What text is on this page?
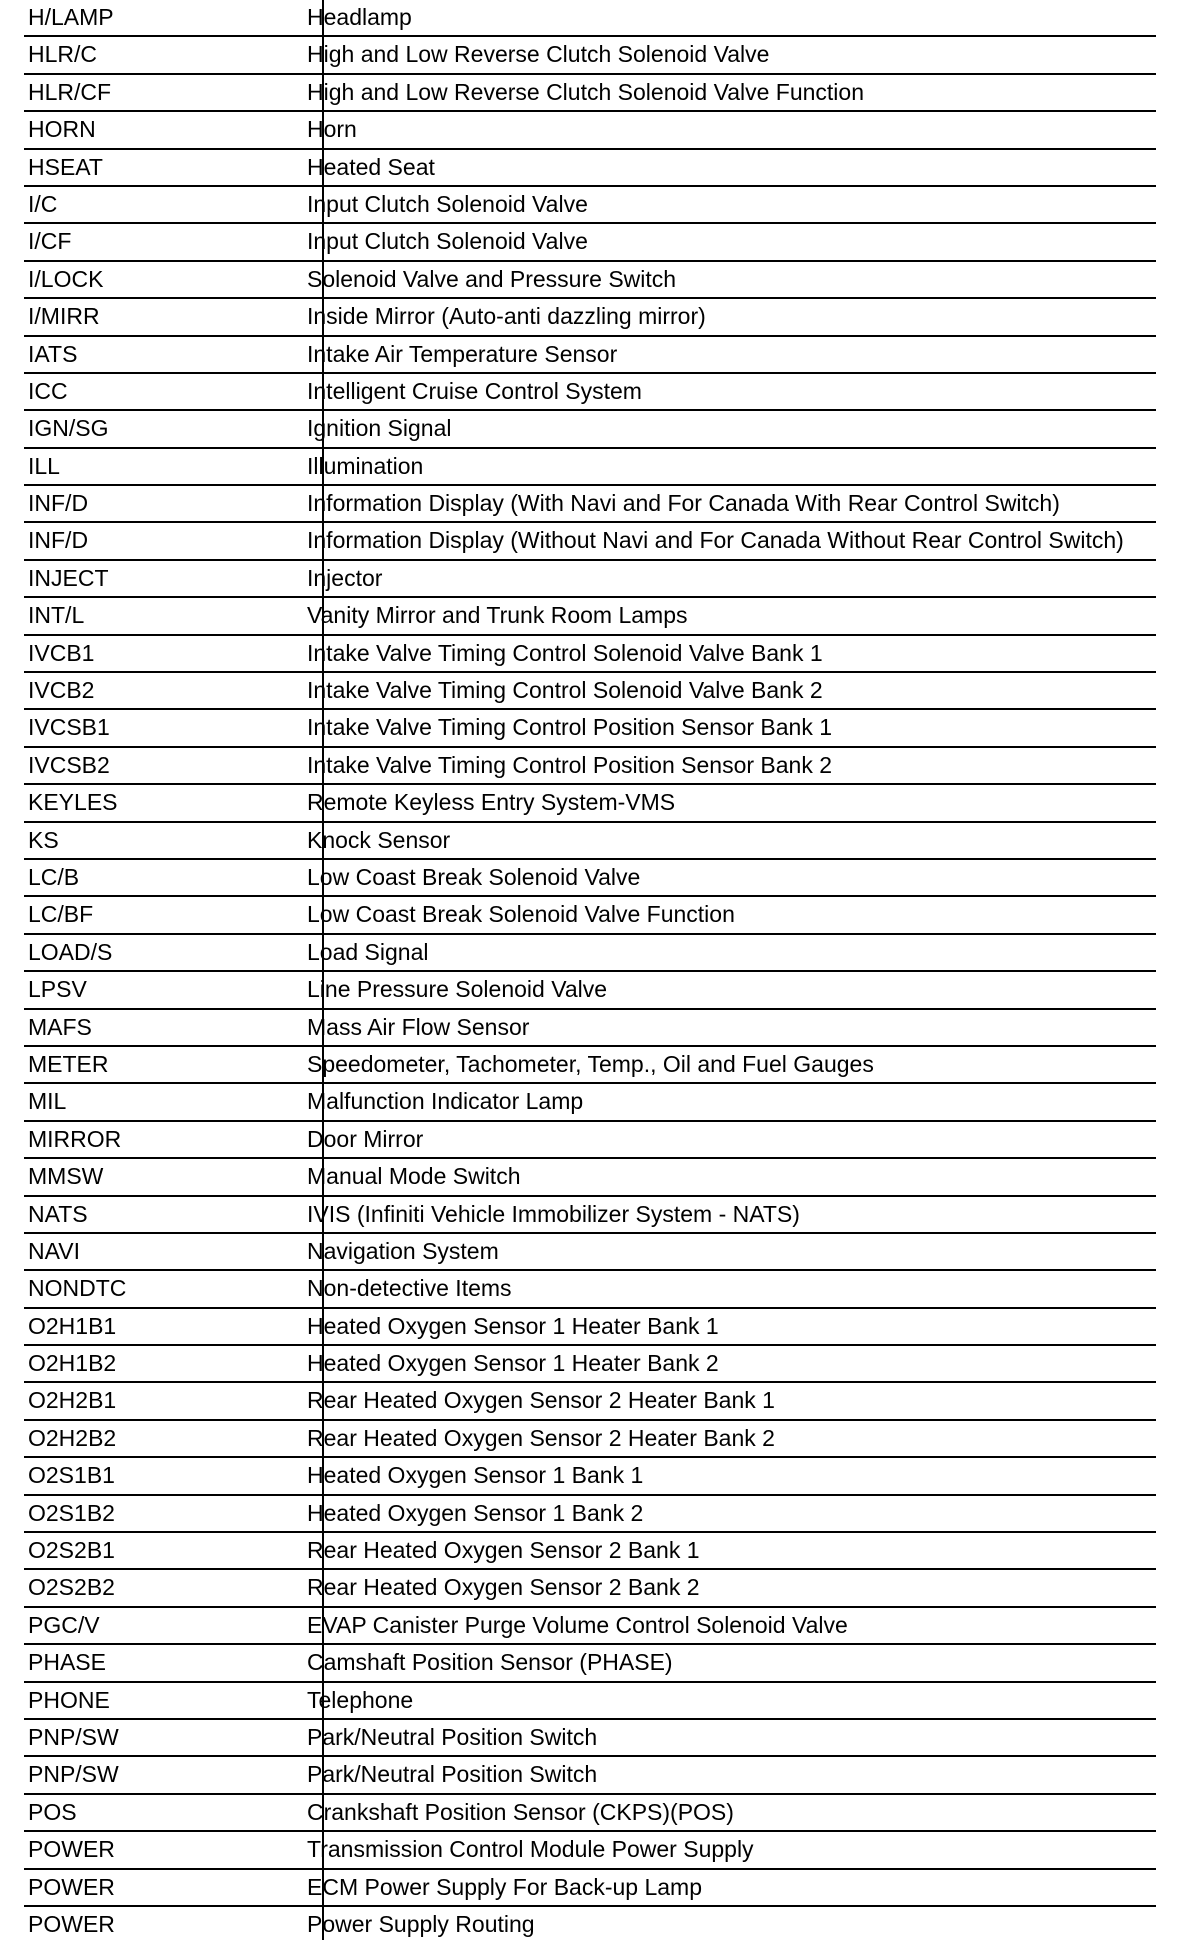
H/LAMP	Headlamp
HLR/C	High and Low Reverse Clutch Solenoid Valve
HLR/CF	High and Low Reverse Clutch Solenoid Valve Function
HORN	Horn
HSEAT	Heated Seat
I/C	Input Clutch Solenoid Valve
I/CF	Input Clutch Solenoid Valve
I/LOCK	Solenoid Valve and Pressure Switch
I/MIRR	Inside Mirror (Auto-anti dazzling mirror)
IATS	Intake Air Temperature Sensor
ICC	Intelligent Cruise Control System
IGN/SG	Ignition Signal
ILL	Illumination
INF/D	Information Display (With Navi and For Canada With Rear Control Switch)
INF/D	Information Display (Without Navi and For Canada Without Rear Control Switch)
INJECT	Injector
INT/L	Vanity Mirror and Trunk Room Lamps
IVCB1	Intake Valve Timing Control Solenoid Valve Bank 1
IVCB2	Intake Valve Timing Control Solenoid Valve Bank 2
IVCSB1	Intake Valve Timing Control Position Sensor Bank 1
IVCSB2	Intake Valve Timing Control Position Sensor Bank 2
KEYLES	Remote Keyless Entry System-VMS
KS	Knock Sensor
LC/B	Low Coast Break Solenoid Valve
LC/BF	Low Coast Break Solenoid Valve Function
LOAD/S	Load Signal
LPSV	Line Pressure Solenoid Valve
MAFS	Mass Air Flow Sensor
METER	Speedometer, Tachometer, Temp., Oil and Fuel Gauges
MIL	Malfunction Indicator Lamp
MIRROR	Door Mirror
MMSW	Manual Mode Switch
NATS	IVIS (Infiniti Vehicle Immobilizer System - NATS)
NAVI	Navigation System
NONDTC	Non-detective Items
O2H1B1	Heated Oxygen Sensor 1 Heater Bank 1
O2H1B2	Heated Oxygen Sensor 1 Heater Bank 2
O2H2B1	Rear Heated Oxygen Sensor 2 Heater Bank 1
O2H2B2	Rear Heated Oxygen Sensor 2 Heater Bank 2
O2S1B1	Heated Oxygen Sensor 1 Bank 1
O2S1B2	Heated Oxygen Sensor 1 Bank 2
O2S2B1	Rear Heated Oxygen Sensor 2 Bank 1
O2S2B2	Rear Heated Oxygen Sensor 2 Bank 2
PGC/V	EVAP Canister Purge Volume Control Solenoid Valve
PHASE	Camshaft Position Sensor (PHASE)
PHONE	Telephone
PNP/SW	Park/Neutral Position Switch
PNP/SW	Park/Neutral Position Switch
POS	Crankshaft Position Sensor (CKPS)(POS)
POWER	Transmission Control Module Power Supply
POWER	ECM Power Supply For Back-up Lamp
POWER	Power Supply Routing
